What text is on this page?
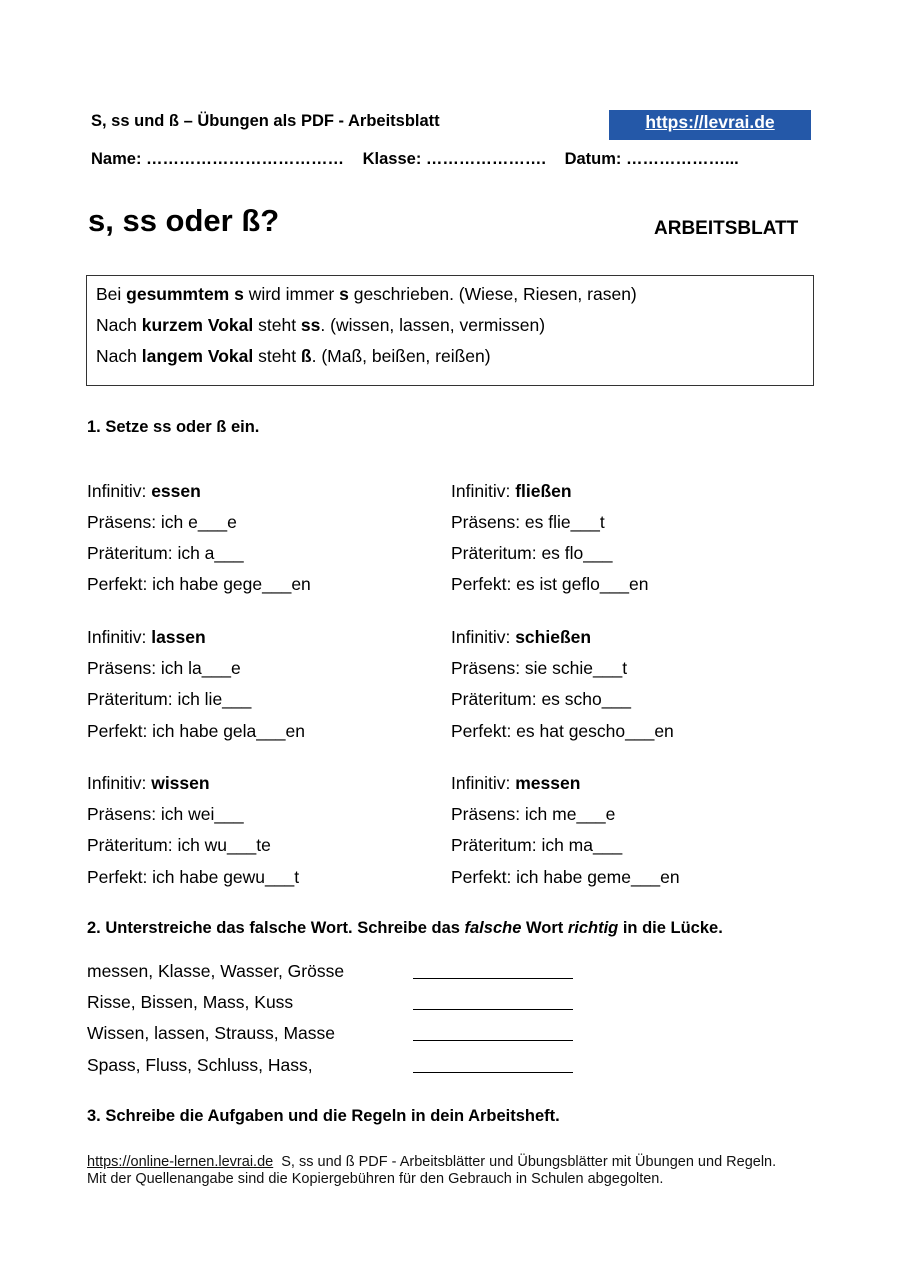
S, ss und ß – Übungen als PDF - Arbeitsblatt	https://levrai.de
Name: ……………………………… Klasse: …………………. Datum: ………………...
s, ss oder ß?	ARBEITSBLATT
Bei gesummtem s wird immer s geschrieben. (Wiese, Riesen, rasen)
Nach kurzem Vokal steht ss. (wissen, lassen, vermissen)
Nach langem Vokal steht ß. (Maß, beißen, reißen)
1. Setze ss oder ß ein.
Infinitiv: essen
Präsens: ich e___e
Präteritum: ich a___
Perfekt: ich habe gege___en
Infinitiv: fließen
Präsens: es flie___t
Präteritum: es flo___
Perfekt: es ist geflo___en
Infinitiv: lassen
Präsens: ich la___e
Präteritum: ich lie___
Perfekt: ich habe gela___en
Infinitiv: schießen
Präsens: sie schie___t
Präteritum: es scho___
Perfekt: es hat gescho___en
Infinitiv: wissen
Präsens: ich wei___
Präteritum: ich wu___te
Perfekt: ich habe gewu___t
Infinitiv: messen
Präsens: ich me___e
Präteritum: ich ma___
Perfekt: ich habe geme___en
2. Unterstreiche das falsche Wort. Schreibe das falsche Wort richtig in die Lücke.
messen, Klasse, Wasser, Grösse
Risse, Bissen, Mass, Kuss
Wissen, lassen, Strauss, Masse
Spass, Fluss, Schluss, Hass,
3. Schreibe die Aufgaben und die Regeln in dein Arbeitsheft.
https://online-lernen.levrai.de  S, ss und ß PDF - Arbeitsblätter und Übungsblätter mit Übungen und Regeln.
Mit der Quellenangabe sind die Kopiergebühren für den Gebrauch in Schulen abgegolten.
